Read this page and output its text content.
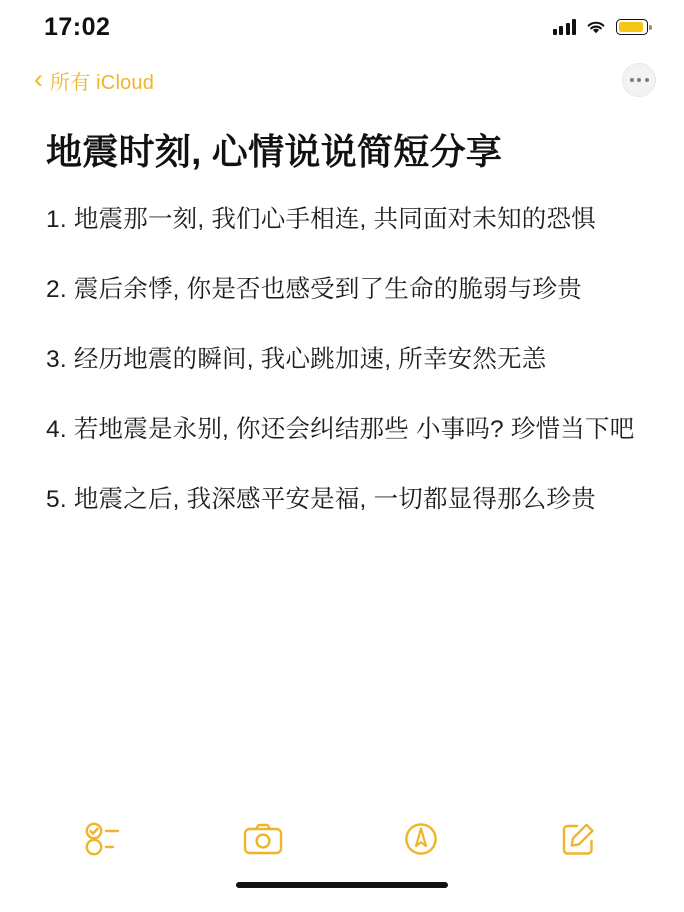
17:02
‹ 所有 iCloud
地震时刻, 心情说说简短分享

1. 地震那一刻, 我们心手相连, 共同面对未知的恐惧

2. 震后余悸, 你是否也感受到了生命的脆弱与珍贵

3. 经历地震的瞬间, 我心跳加速, 所幸安然无恙

4. 若地震是永别, 你还会纠结那些 小事吗? 珍惜当下吧

5. 地震之后, 我深感平安是福, 一切都显得那么珍贵
